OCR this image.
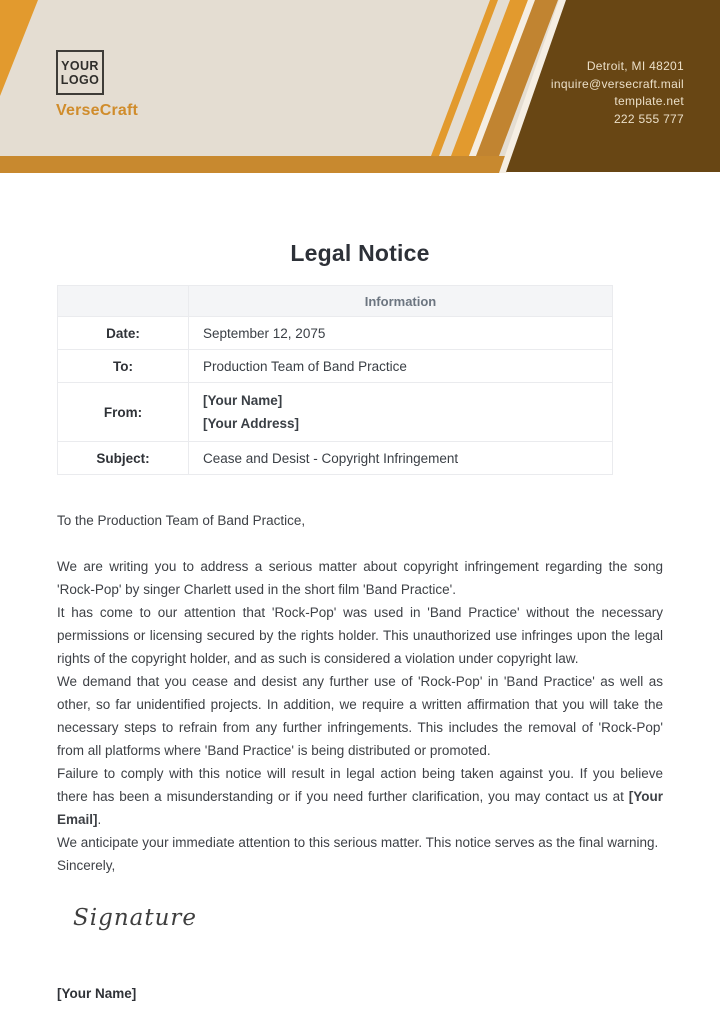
YOUR
LOGO
VerseCraft
Detroit, MI 48201
inquire@versecraft.mail
template.net
222 555 777
Legal Notice
	Information
Date:	September 12, 2075
To:	Production Team of Band Practice
From:	[Your Name]
[Your Address]

Subject:	Cease and Desist - Copyright Infringement

To the Production Team of Band Practice,

We are writing you to address a serious matter about copyright infringement regarding the song 'Rock-Pop' by singer Charlett used in the short film 'Band Practice'.

It has come to our attention that 'Rock-Pop' was used in 'Band Practice' without the necessary permissions or licensing secured by the rights holder. This unauthorized use infringes upon the legal rights of the copyright holder, and as such is considered a violation under copyright law.

We demand that you cease and desist any further use of 'Rock-Pop' in 'Band Practice' as well as other, so far unidentified projects. In addition, we require a written affirmation that you will take the necessary steps to refrain from any further infringements. This includes the removal of 'Rock-Pop' from all platforms where 'Band Practice' is being distributed or promoted.

Failure to comply with this notice will result in legal action being taken against you. If you believe there has been a misunderstanding or if you need further clarification, you may contact us at [Your Email].

We anticipate your immediate attention to this serious matter. This notice serves as the final warning.

Sincerely,

Signature
[Your Name]
